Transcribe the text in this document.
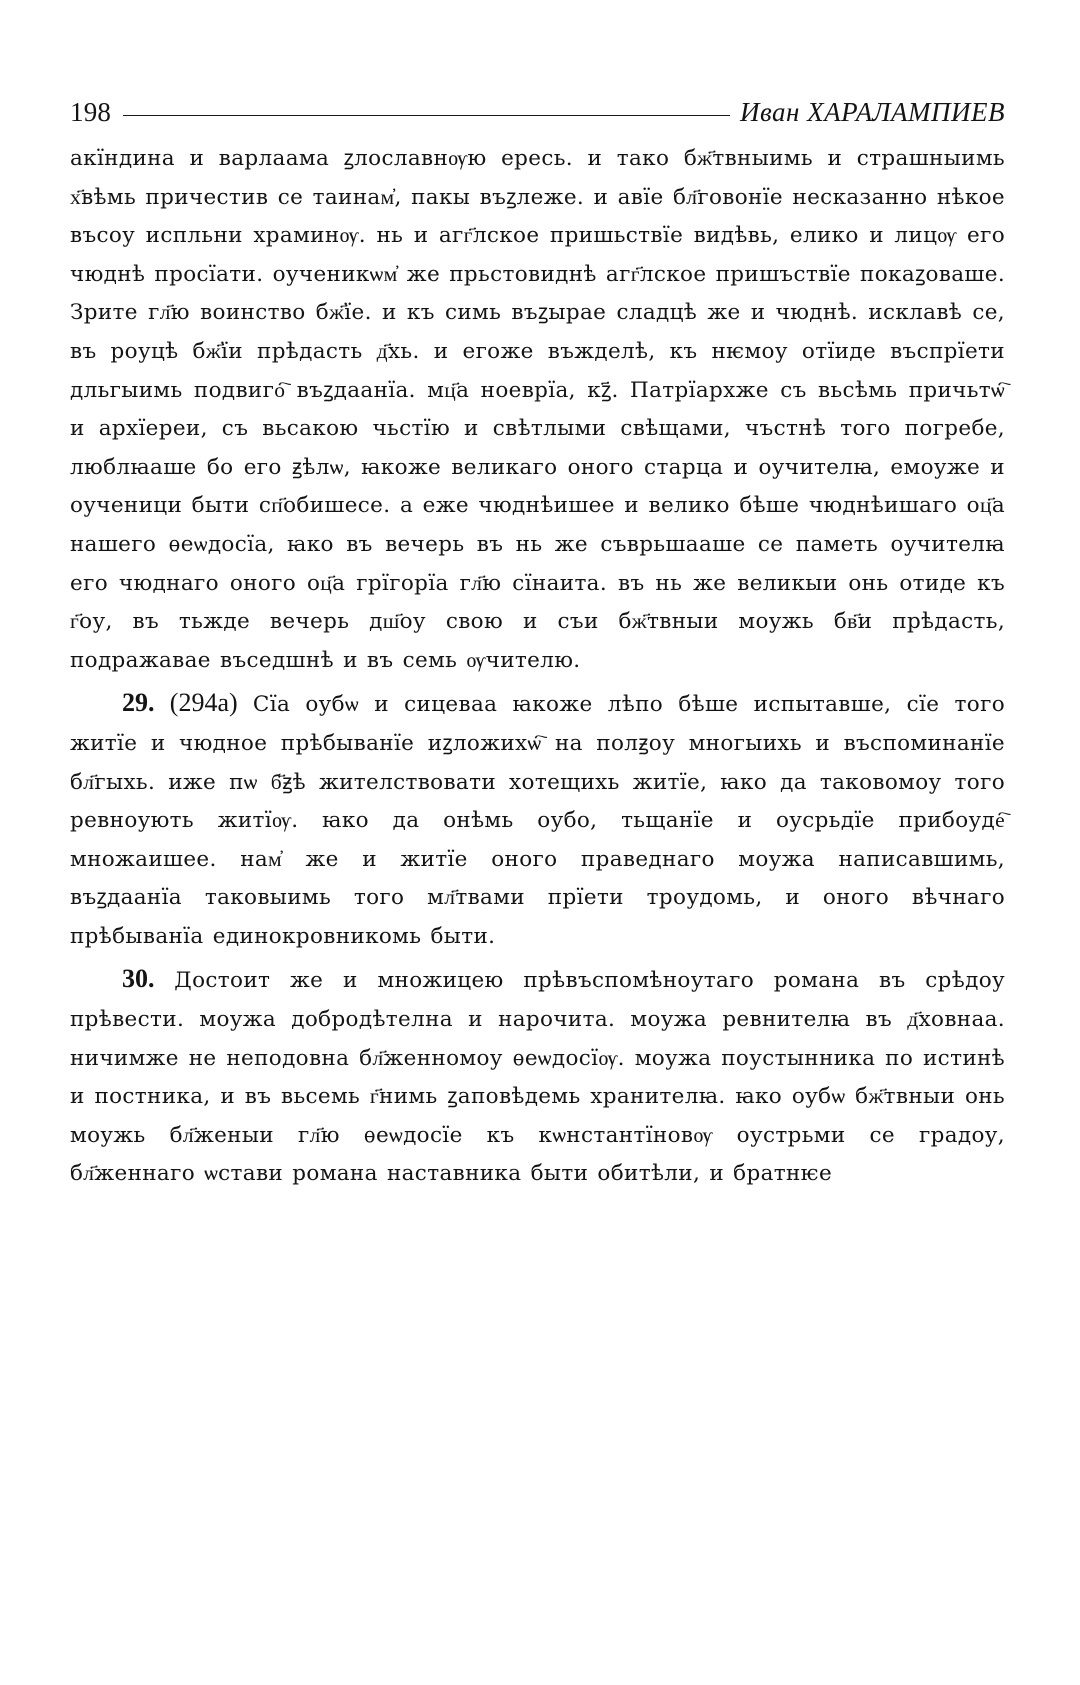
198	Иван ХАРАЛАМПИЕВ

акїндина и варлаама ꙁлославнѹю ересь. и тако бж҃твныимь и страшныимь х҃вѣмь причестив се таинам҆, пакы въꙁлеже. и авїе бл҃говонїе несказанно нѣкое въсоу испльни храминѹ. нь и агг҃лское пришьствїе видѣвь, елико и лицѹ его чюднѣ просїати. оученикѡм҆ же прьстовиднѣ агг҃лское пришъствїе покаꙁоваше. Зрите гл҃ю воинство бж҃їе. и къ симь въꙁырае сладцѣ же и чюднѣ. исклавѣ се, въ роуцѣ бж҃їи прѣдасть д҃хь. и егоже въжделѣ, къ нѥмоу отїиде въспрїети дльгыимь подвиго҇ въꙁдаанїа. мц҃а ноеврїа, кꙁ҃. Патрїархже съ вьсѣмь причьтѡ҇ и архїереи, съ вьсакою чьстїю и свѣтлыми свѣщами, чъстнѣ того погребе, люблꙗаше бо его ꙃѣлѡ, ꙗкоже великаго оного старца и оучителꙗ, емоуже и оученици быти сп҃обишесе. а еже чюднѣишее и велико бѣше чюднѣишаго оц҃а нашего ѳеѡдосїа, ꙗко въ вечерь въ нь же съврьшааше се паметь оучителꙗ его чюднаго оного оц҃а грїгорїа гл҃ю сїнаита. въ нь же великыи онь отиде къ г҃оу, въ тьжде вечерь дш҃оу свою и съи бж҃твныи моужь бв҃и прѣдасть, подражавае въседшнѣ и въ семь ѹчителю.

29. (294а) Сїа оубѡ и сицеваа ꙗкоже лѣпо бѣше испытавше, сїе того житїе и чюдное прѣбыванїе иꙁложихѡ҇ на полꙃоу многыихь и въспоминанїе бл҃гыхь. иже пѡ б҃ꙃѣ жителствовати хотещихь житїе, ꙗко да таковомоу того ревноують житїѹ. ꙗко да онѣмь оубо, тьщанїе и оусрьдїе прибоуде҇ множаишее. нам҆ же и житїе оного праведнаго моужа написавшимь, въꙁдаанїа таковыимь того мл҃твами прїети троудомь, и оного вѣчнаго прѣбыванїа единокровникомь быти.

30. Достоит же и множицею прѣвъспомѣноутаго романа въ срѣдоу прѣвести. моужа добродѣтелна и нарочита. моужа ревнителꙗ въ д҃ховнаа. ничимже не неподовна бл҃женномоу ѳеѡдосїѹ. моужа поустынника по истинѣ и постника, и въ вьсемь г҃нимь ꙁаповѣдемь хранителꙗ. ꙗко оубѡ бж҃твныи онь моужь бл҃женыи гл҃ю ѳеѡдосїе къ кѡнстантїновѹ оустрьми се градоу, бл҃женнаго ѡстави романа наставника быти обитѣли, и братнѥе
